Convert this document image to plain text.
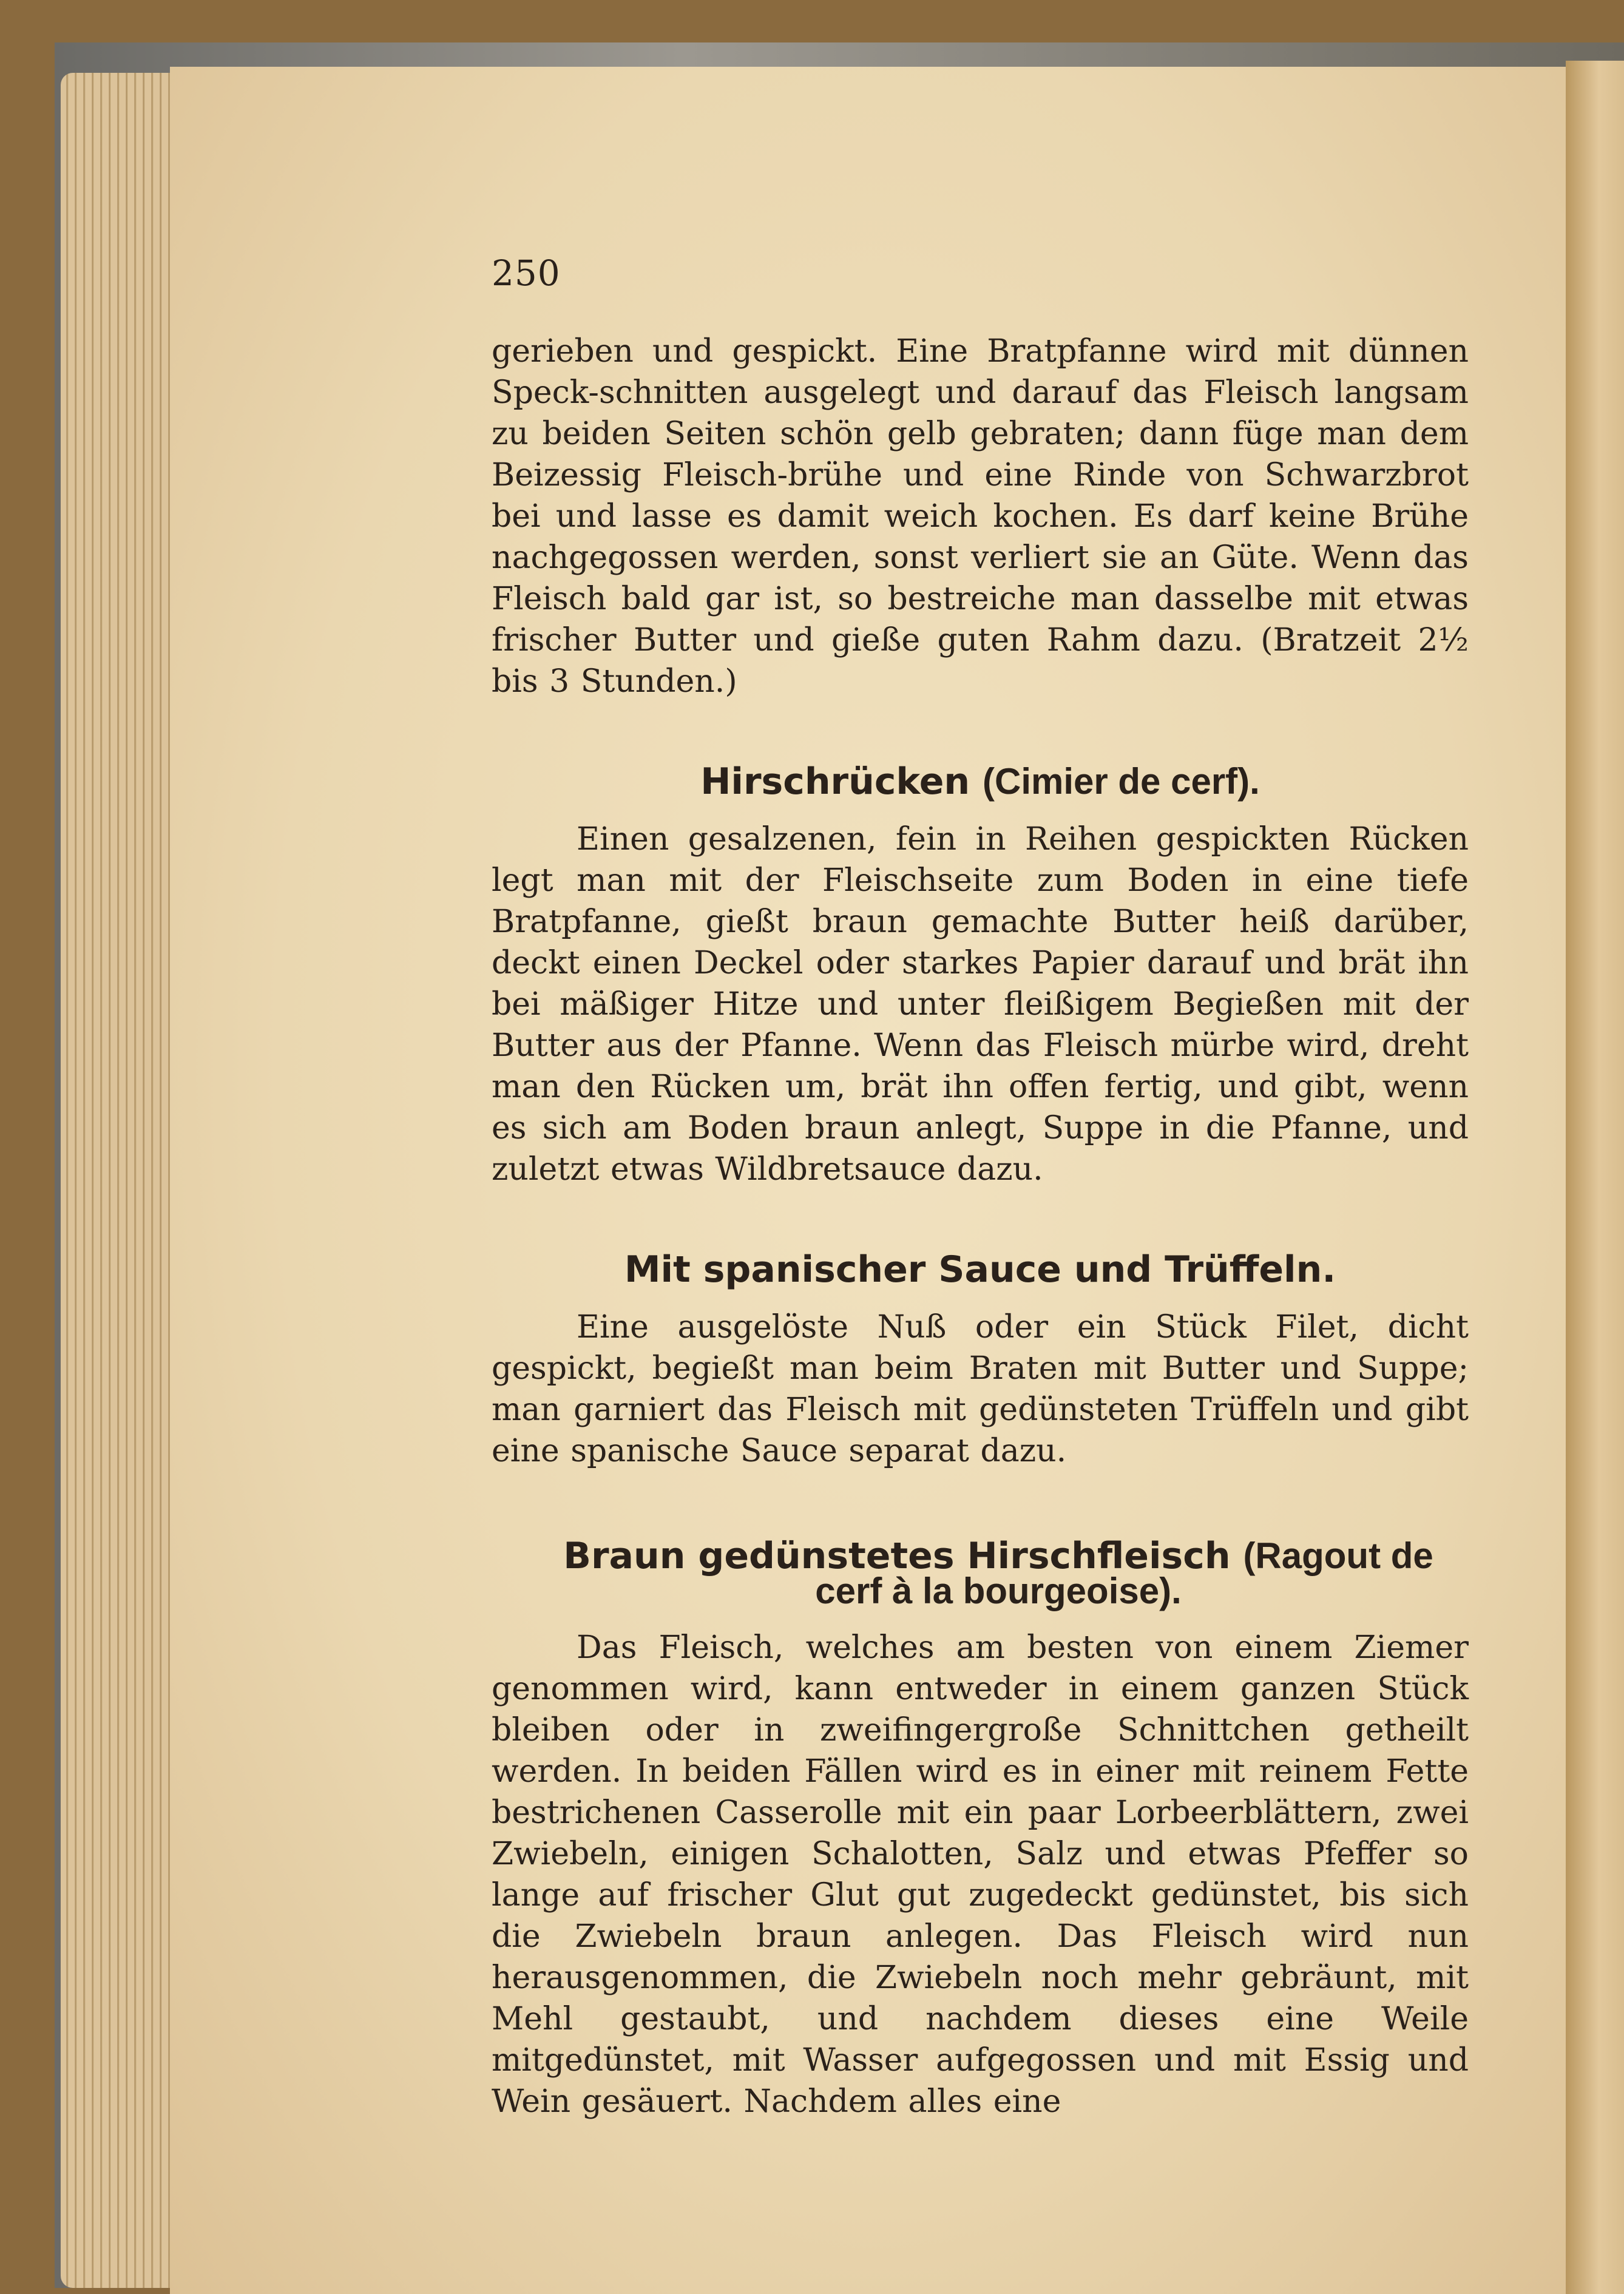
250

gerieben und gespickt. Eine Bratpfanne wird mit dünnen Speck-schnitten ausgelegt und darauf das Fleisch langsam zu beiden Seiten schön gelb gebraten; dann füge man dem Beizessig Fleisch-brühe und eine Rinde von Schwarzbrot bei und lasse es damit weich kochen. Es darf keine Brühe nachgegossen werden, sonst verliert sie an Güte. Wenn das Fleisch bald gar ist, so bestreiche man dasselbe mit etwas frischer Butter und gieße guten Rahm dazu. (Bratzeit 2½ bis 3 Stunden.)

Hirschrücken (Cimier de cerf).

Einen gesalzenen, fein in Reihen gespickten Rücken legt man mit der Fleischseite zum Boden in eine tiefe Bratpfanne, gießt braun gemachte Butter heiß darüber, deckt einen Deckel oder starkes Papier darauf und brät ihn bei mäßiger Hitze und unter fleißigem Begießen mit der Butter aus der Pfanne. Wenn das Fleisch mürbe wird, dreht man den Rücken um, brät ihn offen fertig, und gibt, wenn es sich am Boden braun anlegt, Suppe in die Pfanne, und zuletzt etwas Wildbretsauce dazu.

Mit spanischer Sauce und Trüffeln.

Eine ausgelöste Nuß oder ein Stück Filet, dicht gespickt, begießt man beim Braten mit Butter und Suppe; man garniert das Fleisch mit gedünsteten Trüffeln und gibt eine spanische Sauce separat dazu.

Braun gedünstetes Hirschfleisch (Ragout de cerf à la bourgeoise).

Das Fleisch, welches am besten von einem Ziemer genommen wird, kann entweder in einem ganzen Stück bleiben oder in zweifingergroße Schnittchen getheilt werden. In beiden Fällen wird es in einer mit reinem Fette bestrichenen Casserolle mit ein paar Lorbeerblättern, zwei Zwiebeln, einigen Schalotten, Salz und etwas Pfeffer so lange auf frischer Glut gut zugedeckt gedünstet, bis sich die Zwiebeln braun anlegen. Das Fleisch wird nun herausgenommen, die Zwiebeln noch mehr gebräunt, mit Mehl gestaubt, und nachdem dieses eine Weile mitgedünstet, mit Wasser aufgegossen und mit Essig und Wein gesäuert. Nachdem alles eine
